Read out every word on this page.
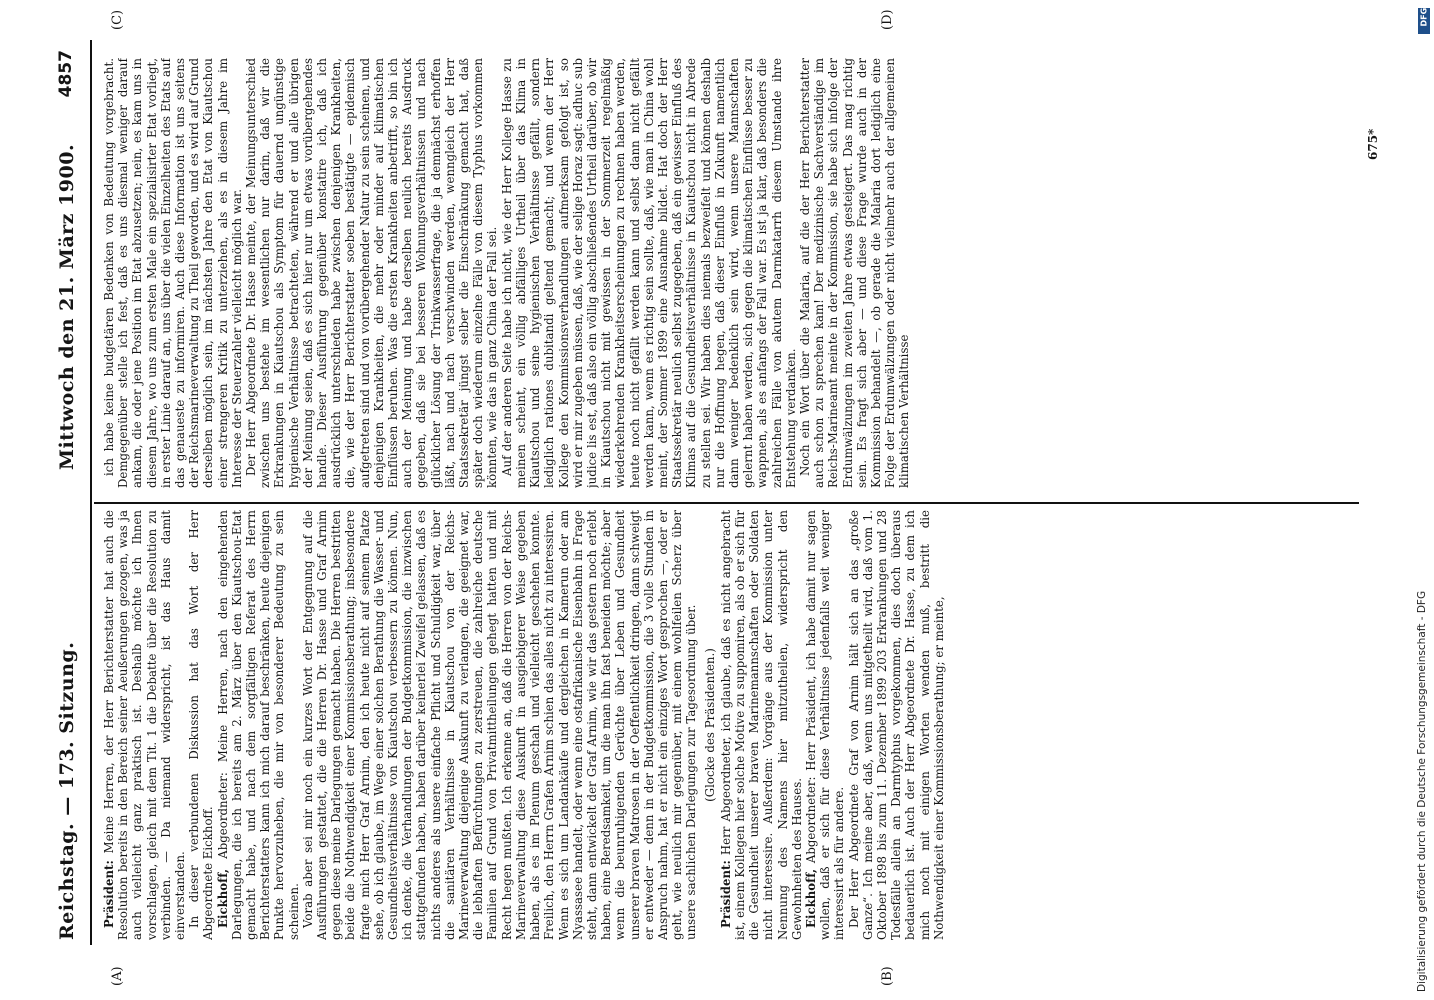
Reichstag. — 173. Sitzung.
Mittwoch den 21. März 1900.
4857
(A)	(B)
(C)	(D)

Präsident: Meine Herren, der Herr Berichterstatter hat auch die Resolution bereits in den Bereich seiner Aeußerungen gezogen, was ja auch vielleicht ganz praktisch ist. Deshalb möchte ich Ihnen vorschlagen, gleich mit dem Tit. 1 die Debatte über die Resolution zu verbinden. — Da niemand widerspricht, ist das Haus damit einverstanden. In dieser verbundenen Diskussion hat das Wort der Herr Abgeordnete Eickhoff. Eickhoff, Abgeordneter: Meine Herren, nach den eingehenden Darlegungen, die ich bereits am 2. März über den Kiautschou-Etat gemacht habe, und nach dem sorgfältigen Referat des Herrn Berichterstatters kann ich mich darauf beschränken, heute diejenigen Punkte hervorzuheben, die mir von besonderer Bedeutung zu sein scheinen. Vorab aber sei mir noch ein kurzes Wort der Entgegnung auf die Ausführungen gestattet, die die Herren Dr. Hasse und Graf Arnim gegen diese meine Darlegungen gemacht haben. Die Herren bestritten beide die Nothwendigkeit einer Kommissionsberathung; insbesondere fragte mich Herr Graf Arnim, den ich heute nicht auf seinem Platze sehe, ob ich glaube, im Wege einer solchen Berathung die Wasser- und Gesundheitsverhältnisse von Kiautschou verbessern zu können. Nun, ich denke, die Verhandlungen der Budgetkommission, die inzwischen stattgefunden haben, haben darüber keinerlei Zweifel gelassen, daß es nichts anderes als unsere einfache Pflicht und Schuldigkeit war, über die sanitären Verhältnisse in Kiautschou von der Reichs-Marineverwaltung diejenige Auskunft zu verlangen, die geeignet war, die lebhaften Befürchtungen zu zerstreuen, die zahlreiche deutsche Familien auf Grund von Privatmittheilungen gehegt hatten und mit Recht hegen mußten. Ich erkenne an, daß die Herren von der Reichs-Marineverwaltung diese Auskunft in ausgiebigerer Weise gegeben haben, als es im Plenum geschah und vielleicht geschehen konnte. Freilich, den Herrn Grafen Arnim schien das alles nicht zu interessiren. Wenn es sich um Landankäufe und dergleichen in Kamerun oder am Nyassasee handelt, oder wenn eine ostafrikanische Eisenbahn in Frage steht, dann entwickelt der Graf Arnim, wie wir das gestern noch erlebt haben, eine Beredsamkeit, um die man ihn fast beneiden möchte; aber wenn die beunruhigenden Gerüchte über Leben und Gesundheit unserer braven Matrosen in der Oeffentlichkeit dringen, dann schweigt er entweder — denn in der Budgetkommission, die 3 volle Stunden in Anspruch nahm, hat er nicht ein einziges Wort gesprochen —, oder er geht, wie neulich mir gegenüber, mit einem wohlfeilen Scherz über unsere sachlichen Darlegungen zur Tagesordnung über. (Glocke des Präsidenten.)

Präsident: Herr Abgeordneter, ich glaube, daß es nicht angebracht ist, einem Kollegen hier solche Motive zu suppomiren, als ob er sich für die Gesundheit unserer braven Marinemannschaften oder Soldaten nicht interessire. Außerdem: Vorgänge aus der Kommission unter Nennung des Namens hier mitzutheilen, widerspricht den Gewohnheiten des Hauses. Eickhoff, Abgeordneter: Herr Präsident, ich habe damit nur sagen wollen, daß er sich für diese Verhältnisse jedenfalls weit weniger interessirt als für andere. Der Herr Abgeordnete Graf von Arnim hält sich an das „große Ganze“. Ich meine aber, daß, wenn uns mitgetheilt wird, daß vom 1. Oktober 1898 bis zum 11. Dezember 1899 203 Erkrankungen und 28 Todesfälle allein an Darmtyphus vorgekommen, dies doch überaus bedauerlich ist. Auch der Herr Abgeordnete Dr. Hasse, zu dem ich mich noch mit einigen Worten wenden muß, bestritt die Nothwendigkeit einer Kommissionsberathung; er meinte,

ich habe keine budgetären Bedenken von Bedeutung vorgebracht. Demgegenüber stelle ich fest, daß es uns diesmal weniger darauf ankam, die oder jene Position im Etat abzusetzen; nein, es kam uns in diesem Jahre, wo uns zum ersten Male ein spezialisirter Etat vorliegt, in erster Linie darauf an, uns über die vielen Einzelheiten des Etats auf das genaueste zu informiren. Auch diese Information ist uns seitens der Reichsmarineverwaltung zu Theil geworden, und es wird auf Grund derselben möglich sein, im nächsten Jahre den Etat von Kiautschou einer strengeren Kritik zu unterziehen, als es in diesem Jahre im Interesse der Steuerzahler vielleicht möglich war. Der Herr Abgeordnete Dr. Hasse meinte, der Meinungsunterschied zwischen uns bestehe im wesentlichen nur darin, daß wir die Erkrankungen in Kiautschou als Symptom für dauernd ungünstige hygienische Verhältnisse betrachteten, während er und alle übrigen der Meinung seien, daß es sich hier nur um etwas vorübergehendes handle. Dieser Ausführung gegenüber konstatire ich, daß ich ausdrücklich unterschieden habe zwischen denjenigen Krankheiten, die, wie der Herr Berichterstatter soeben bestätigte — epidemisch aufgetreten sind und von vorübergehender Natur zu sein scheinen, und denjenigen Krankheiten, die mehr oder minder auf klimatischen Einflüssen beruhen. Was die ersten Krankheiten anbetrifft, so bin ich auch der Meinung und habe derselben neulich bereits Ausdruck gegeben, daß sie bei besseren Wohnungsverhältnissen und nach glücklicher Lösung der Trinkwasserfrage, die ja demnächst erhoffen läßt, nach und nach verschwinden werden, wenngleich der Herr Staatssekretär jüngst selber die Einschränkung gemacht hat, daß später doch wiederum einzelne Fälle von diesem Typhus vorkommen könnten, wie das in ganz China der Fall sei. Auf der anderen Seite habe ich nicht, wie der Herr Kollege Hasse zu meinen scheint, ein völlig abfälliges Urtheil über das Klima in Kiautschou und seine hygienischen Verhältnisse gefällt, sondern lediglich rationes dubitandi geltend gemacht; und wenn der Herr Kollege den Kommissionsverhandlungen aufmerksam gefolgt ist, so wird er mir zugeben müssen, daß, wie der selige Horaz sagt: adhuc sub judice lis est, daß also ein völlig abschließendes Urtheil darüber, ob wir in Kiautschou nicht mit gewissen in der Sommerzeit regelmäßig wiederkehrenden Krankheitserscheinungen zu rechnen haben werden, heute noch nicht gefällt werden kann und selbst dann nicht gefällt werden kann, wenn es richtig sein sollte, daß, wie man in China wohl meint, der Sommer 1899 eine Ausnahme bildet. Hat doch der Herr Staatssekretär neulich selbst zugegeben, daß ein gewisser Einfluß des Klimas auf die Gesundheitsverhältnisse in Kiautschou nicht in Abrede zu stellen sei. Wir haben dies niemals bezweifelt und können deshalb nur die Hoffnung hegen, daß dieser Einfluß in Zukunft namentlich dann weniger bedenklich sein wird, wenn unsere Mannschaften gelernt haben werden, sich gegen die klimatischen Einflüsse besser zu wappnen, als es anfangs der Fall war. Es ist ja klar, daß besonders die zahlreichen Fälle von akutem Darmkatarrh diesem Umstande ihre Entstehung verdanken. Noch ein Wort über die Malaria, auf die der Herr Berichterstatter auch schon zu sprechen kam! Der medizinische Sachverständige im Reichs-Marineamt meinte in der Kommission, sie habe sich infolge der Erdumwälzungen im zweiten Jahre etwas gesteigert. Das mag richtig sein. Es fragt sich aber — und diese Frage wurde auch in der Kommission behandelt —, ob gerade die Malaria dort lediglich eine Folge der Erdumwälzungen oder nicht vielmehr auch der allgemeinen klimatischen Verhältnisse

675*
DFG
Digitalisierung gefördert durch die Deutsche Forschungsgemeinschaft - DFG
